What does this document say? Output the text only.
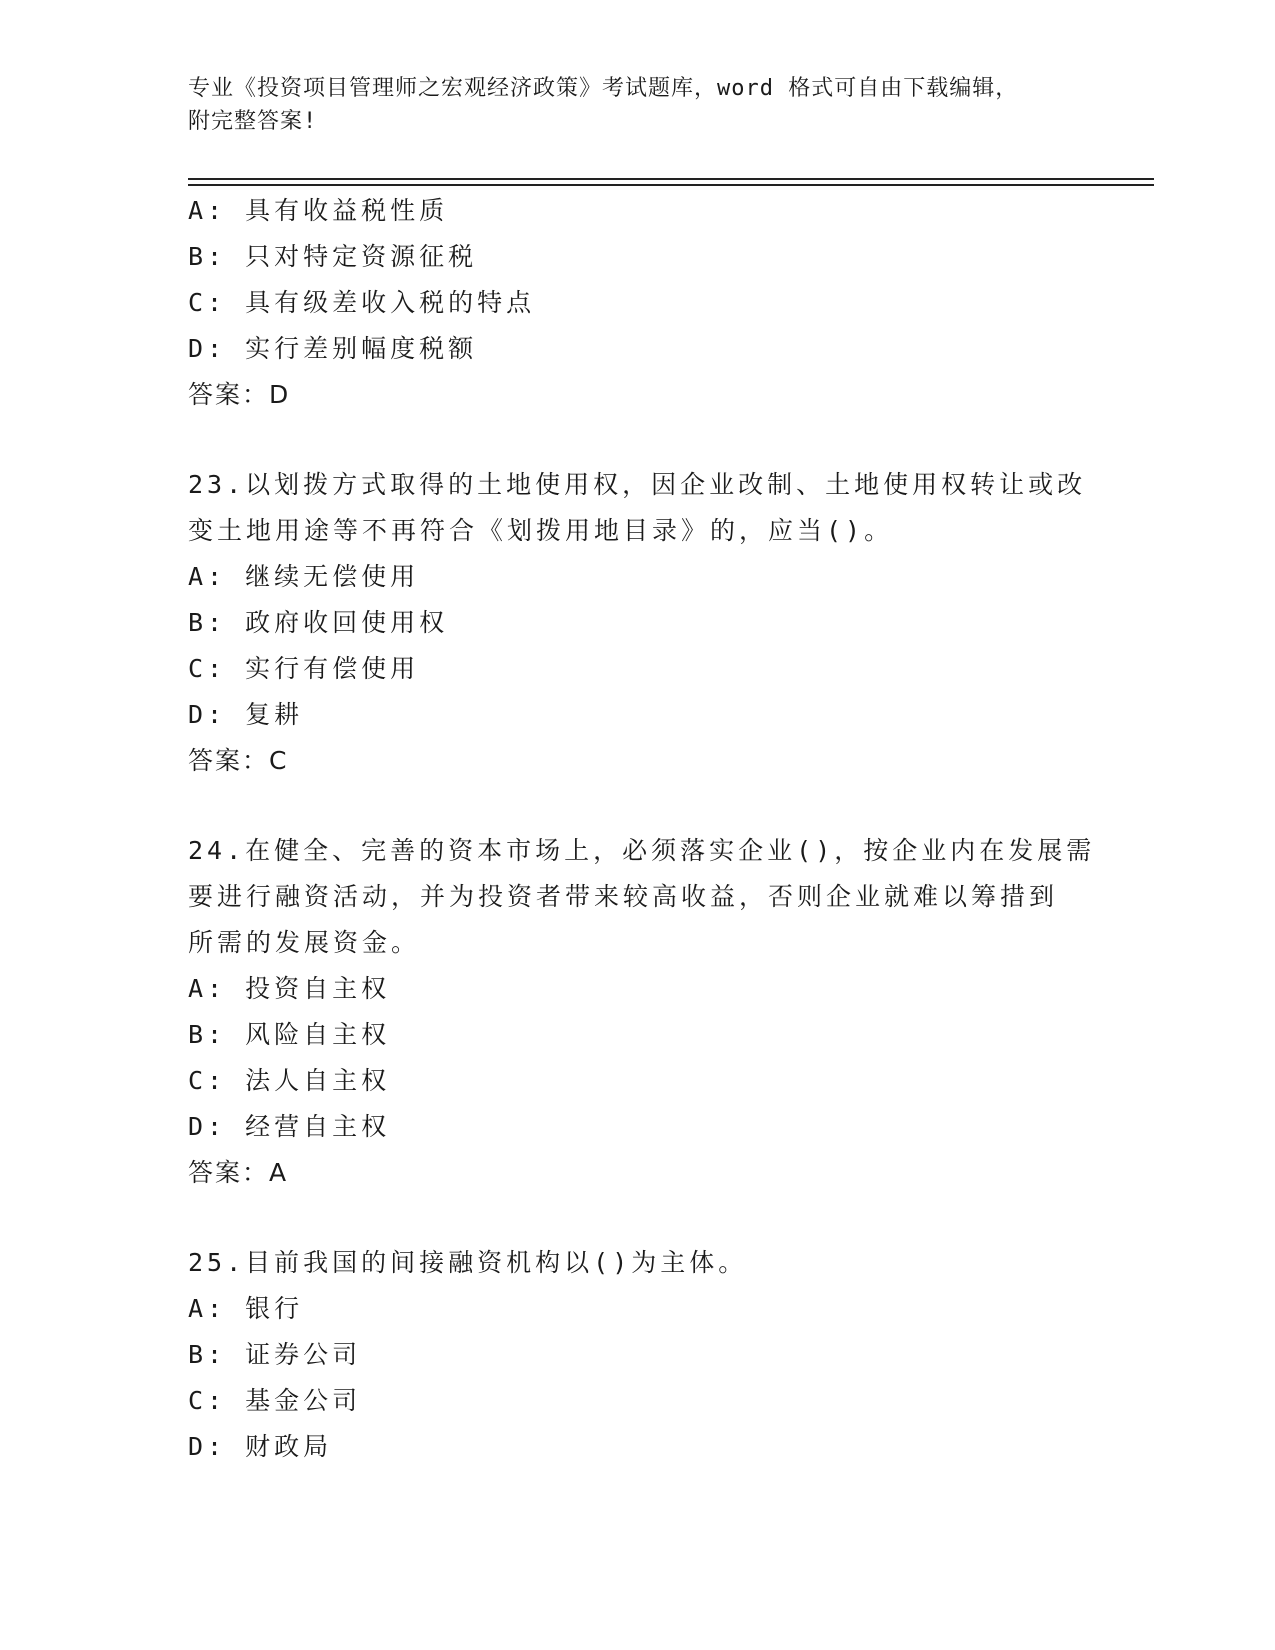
专业《投资项目管理师之宏观经济政策》考试题库，word 格式可自由下载编辑，
附完整答案!
A: 具有收益税性质
B: 只对特定资源征税
C: 具有级差收入税的特点
D: 实行差别幅度税额
答案：D
23.以划拨方式取得的土地使用权，因企业改制、土地使用权转让或改
变土地用途等不再符合《划拨用地目录》的，应当()。
A: 继续无偿使用
B: 政府收回使用权
C: 实行有偿使用
D: 复耕
答案：C
24.在健全、完善的资本市场上，必须落实企业()，按企业内在发展需
要进行融资活动，并为投资者带来较高收益，否则企业就难以筹措到
所需的发展资金。
A: 投资自主权
B: 风险自主权
C: 法人自主权
D: 经营自主权
答案：A
25.目前我国的间接融资机构以()为主体。
A: 银行
B: 证券公司
C: 基金公司
D: 财政局
